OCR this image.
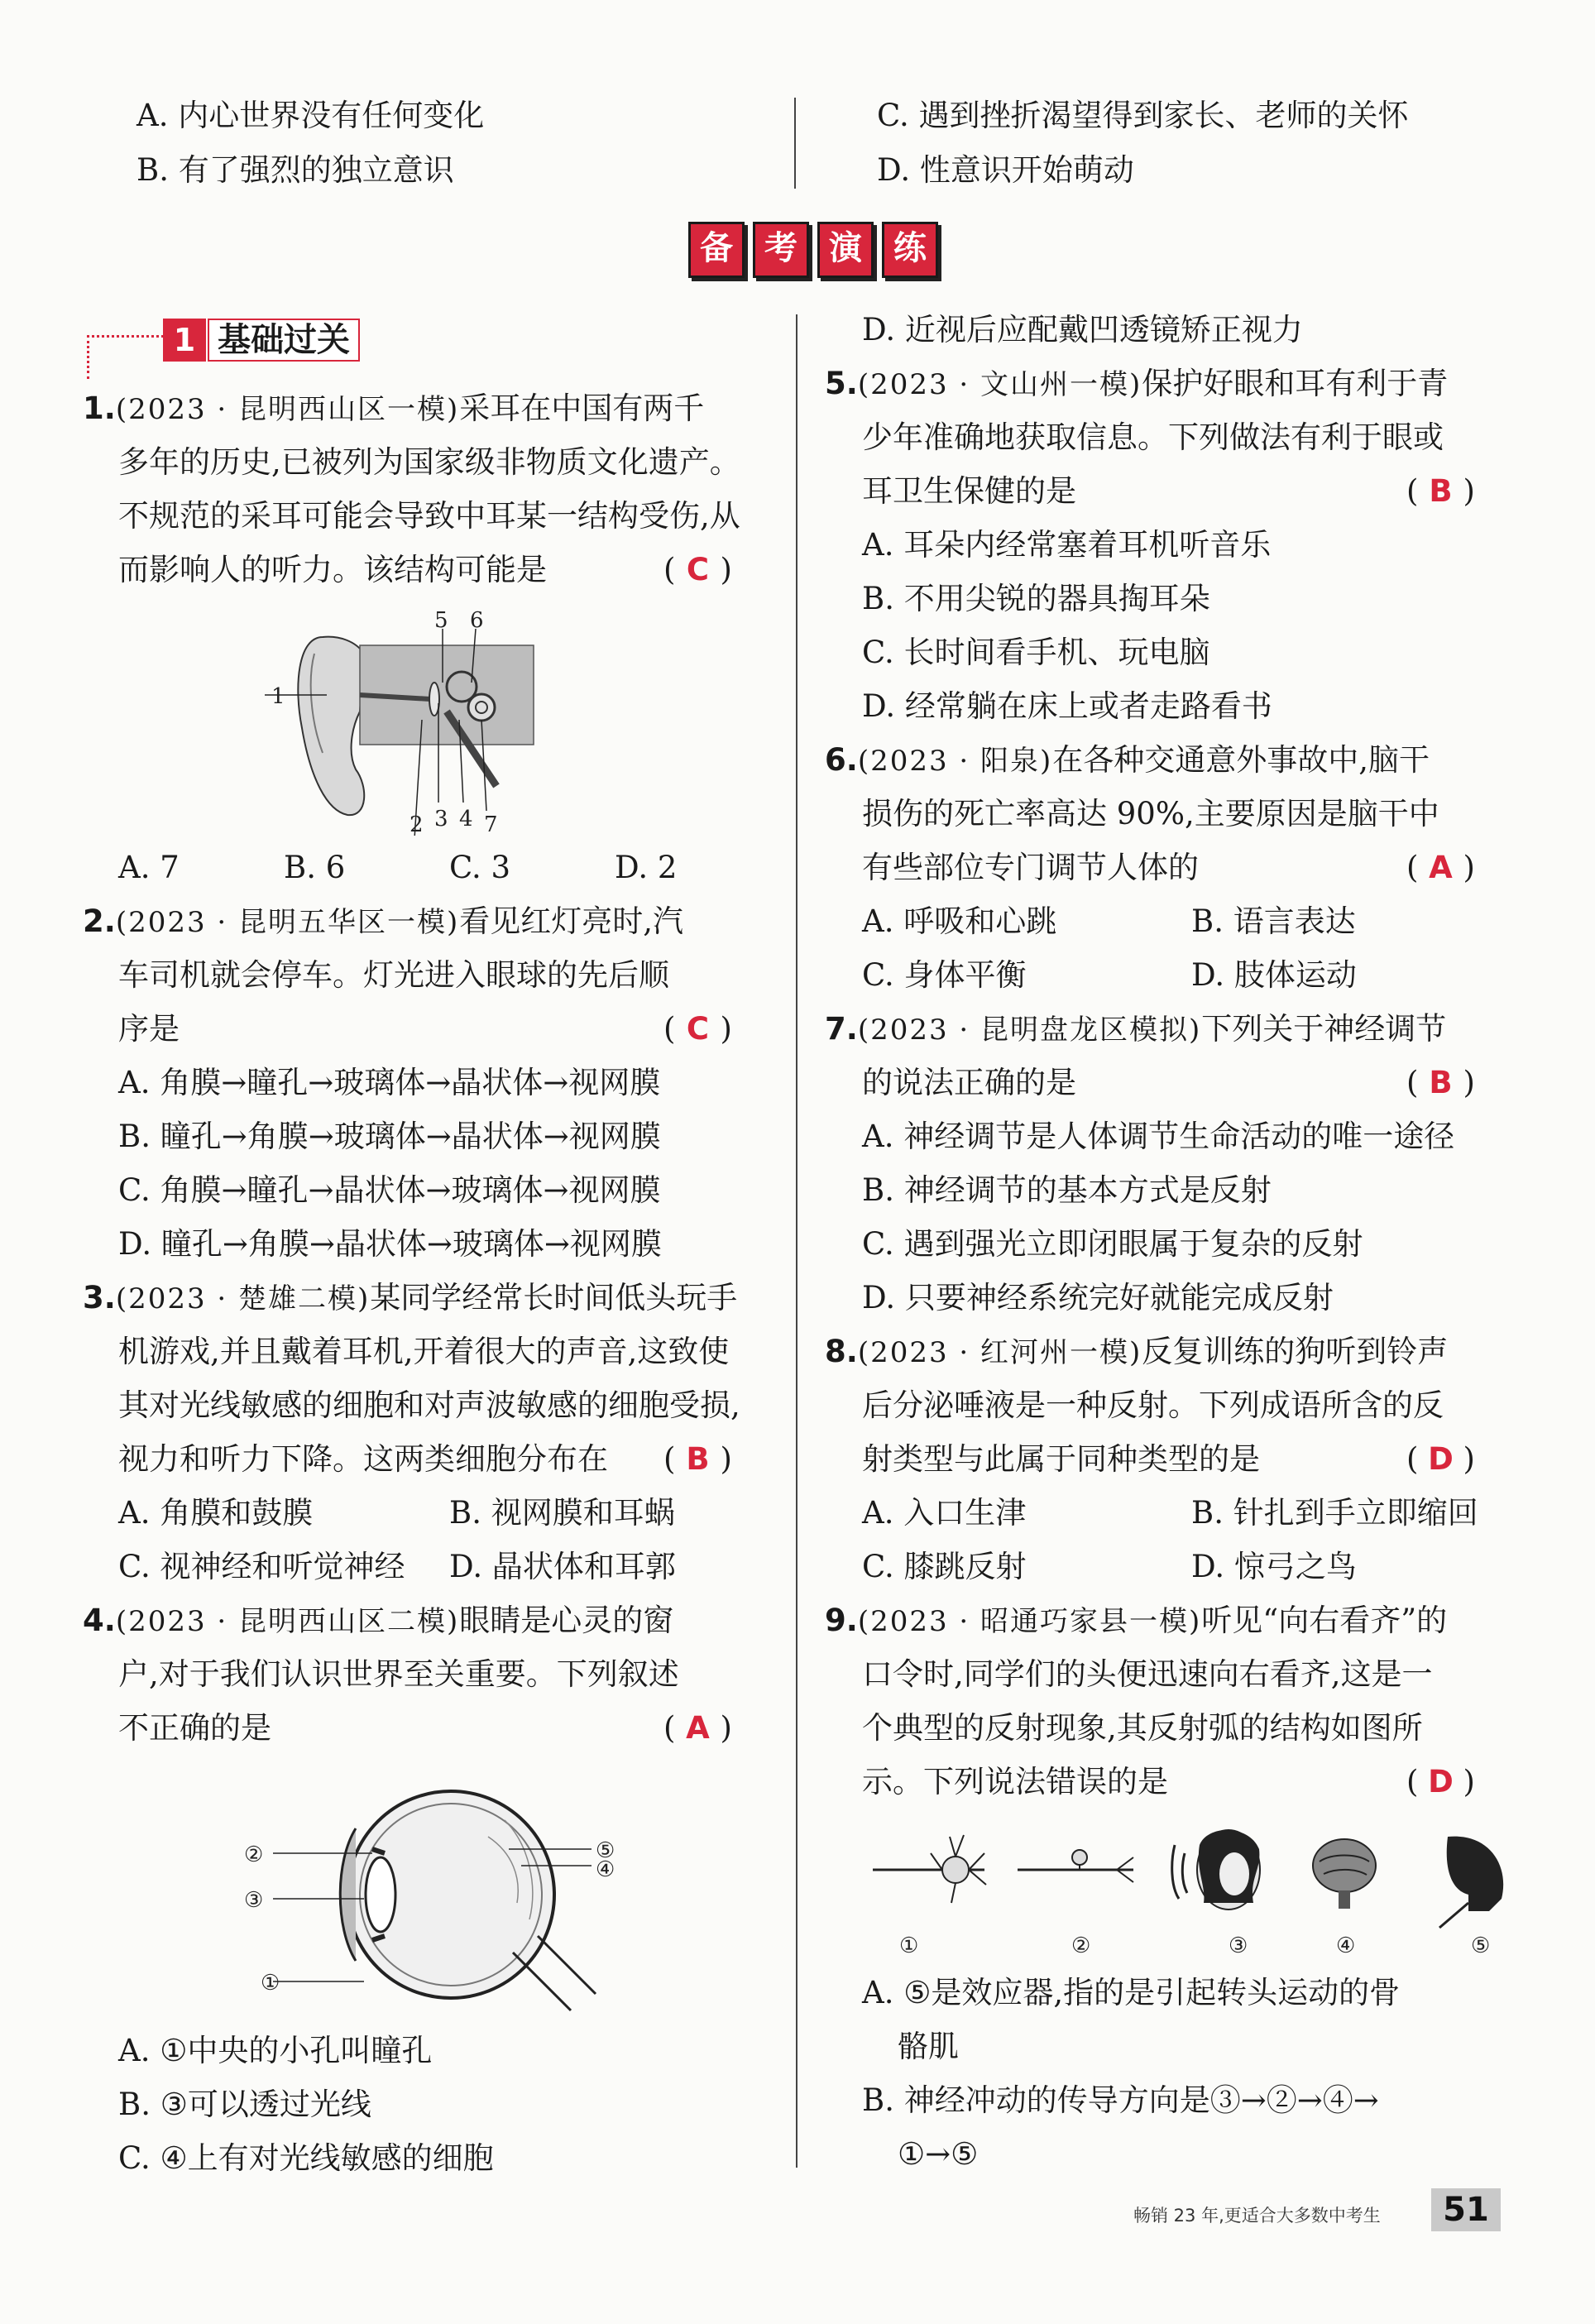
A. 内心世界没有任何变化
B. 有了强烈的独立意识
C. 遇到挫折渴望得到家长、老师的关怀
D. 性意识开始萌动
备 考 演 练
1 基础过关
1.(2023 · 昆明西山区一模)采耳在中国有两千
多年的历史,已被列为国家级非物质文化遗产。
不规范的采耳可能会导致中耳某一结构受伤,从
而影响人的听力。该结构可能是	( C )
1
5 6
3 4
2	7
A. 7	B. 6	C. 3	D. 2
2.(2023 · 昆明五华区一模)看见红灯亮时,汽
车司机就会停车。灯光进入眼球的先后顺
序是	( C )
A. 角膜→瞳孔→玻璃体→晶状体→视网膜
B. 瞳孔→角膜→玻璃体→晶状体→视网膜
C. 角膜→瞳孔→晶状体→玻璃体→视网膜
D. 瞳孔→角膜→晶状体→玻璃体→视网膜
3.(2023 · 楚雄二模)某同学经常长时间低头玩手
机游戏,并且戴着耳机,开着很大的声音,这致使
其对光线敏感的细胞和对声波敏感的细胞受损,
视力和听力下降。这两类细胞分布在 ( B )
A. 角膜和鼓膜	B. 视网膜和耳蜗
C. 视神经和听觉神经 D. 晶状体和耳郭
4.(2023 · 昆明西山区二模)眼睛是心灵的窗
户,对于我们认识世界至关重要。下列叙述
不正确的是	( A )
②
③
①
⑤
④
A. ①中央的小孔叫瞳孔
B. ③可以透过光线
C. ④上有对光线敏感的细胞
D. 近视后应配戴凹透镜矫正视力
5.(2023 · 文山州一模)保护好眼和耳有利于青
少年准确地获取信息。下列做法有利于眼或
耳卫生保健的是	( B )
A. 耳朵内经常塞着耳机听音乐
B. 不用尖锐的器具掏耳朵
C. 长时间看手机、玩电脑
D. 经常躺在床上或者走路看书
6.(2023 · 阳泉)在各种交通意外事故中,脑干
损伤的死亡率高达 90%,主要原因是脑干中
有些部位专门调节人体的	( A )
A. 呼吸和心跳	B. 语言表达
C. 身体平衡	D. 肢体运动
7.(2023 · 昆明盘龙区模拟)下列关于神经调节
的说法正确的是	( B )
A. 神经调节是人体调节生命活动的唯一途径
B. 神经调节的基本方式是反射
C. 遇到强光立即闭眼属于复杂的反射
D. 只要神经系统完好就能完成反射
8.(2023 · 红河州一模)反复训练的狗听到铃声
后分泌唾液是一种反射。下列成语所含的反
射类型与此属于同种类型的是	( D )
A. 入口生津	B. 针扎到手立即缩回
C. 膝跳反射	D. 惊弓之鸟
9.(2023 · 昭通巧家县一模)听见“向右看齐”的
口令时,同学们的头便迅速向右看齐,这是一
个典型的反射现象,其反射弧的结构如图所
示。下列说法错误的是	( D )
①	②	③	④	⑤
A. ⑤是效应器,指的是引起转头运动的骨
骼肌
B. 神经冲动的传导方向是③→②→④→
①→⑤
畅销 23 年,更适合大多数中考生	51
